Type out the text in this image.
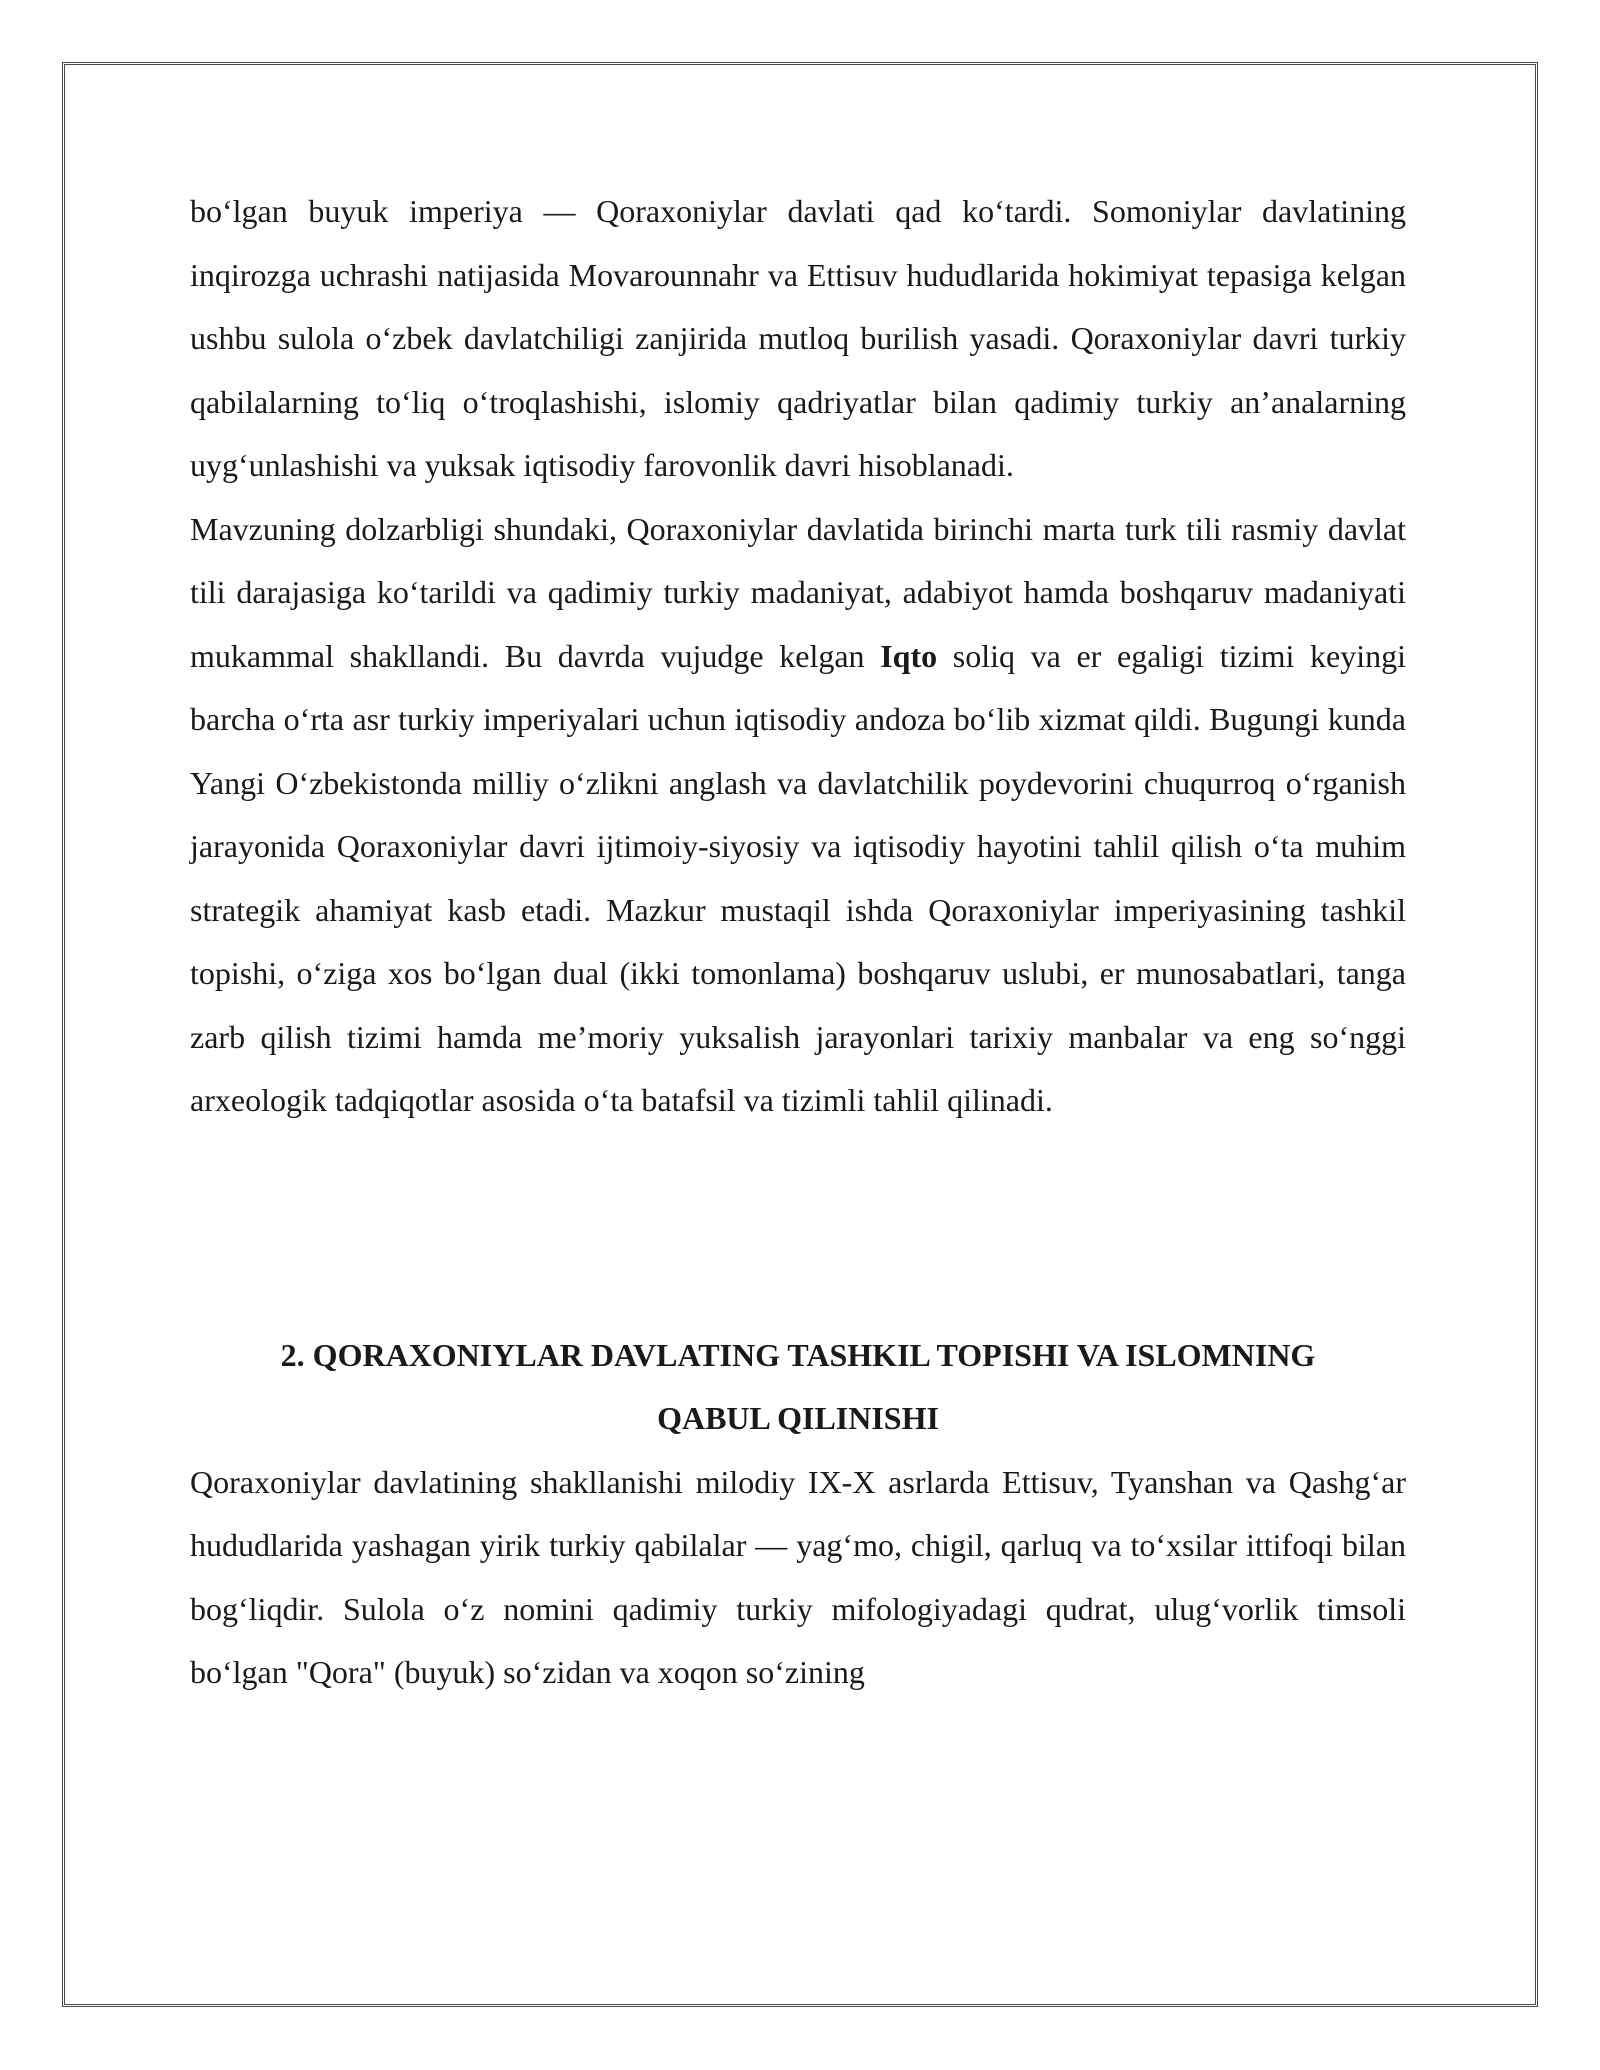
bo‘lgan buyuk imperiya — Qoraxoniylar davlati qad ko‘tardi. Somoniylar davlatining inqirozga uchrashi natijasida Movarounnahr va Ettisuv hududlarida hokimiyat tepasiga kelgan ushbu sulola o‘zbek davlatchiligi zanjirida mutloq burilish yasadi. Qoraxoniylar davri turkiy qabilalarning to‘liq o‘troqlashishi, islomiy qadriyatlar bilan qadimiy turkiy an’analarning uyg‘unlashishi va yuksak iqtisodiy farovonlik davri hisoblanadi.

Mavzuning dolzarbligi shundaki, Qoraxoniylar davlatida birinchi marta turk tili rasmiy davlat tili darajasiga ko‘tarildi va qadimiy turkiy madaniyat, adabiyot hamda boshqaruv madaniyati mukammal shakllandi. Bu davrda vujudge kelgan Iqto soliq va er egaligi tizimi keyingi barcha o‘rta asr turkiy imperiyalari uchun iqtisodiy andoza bo‘lib xizmat qildi. Bugungi kunda Yangi O‘zbekistonda milliy o‘zlikni anglash va davlatchilik poydevorini chuqurroq o‘rganish jarayonida Qoraxoniylar davri ijtimoiy-siyosiy va iqtisodiy hayotini tahlil qilish o‘ta muhim strategik ahamiyat kasb etadi. Mazkur mustaqil ishda Qoraxoniylar imperiyasining tashkil topishi, o‘ziga xos bo‘lgan dual (ikki tomonlama) boshqaruv uslubi, er munosabatlari, tanga zarb qilish tizimi hamda me’moriy yuksalish jarayonlari tarixiy manbalar va eng so‘nggi arxeologik tadqiqotlar asosida o‘ta batafsil va tizimli tahlil qilinadi.

2. QORAXONIYLAR DAVLATING TASHKIL TOPISHI VA ISLOMNING
QABUL QILINISHI

Qoraxoniylar davlatining shakllanishi milodiy IX-X asrlarda Ettisuv, Tyanshan va Qashg‘ar hududlarida yashagan yirik turkiy qabilalar — yag‘mo, chigil, qarluq va to‘xsilar ittifoqi bilan bog‘liqdir. Sulola o‘z nomini qadimiy turkiy mifologiyadagi qudrat, ulug‘vorlik timsoli bo‘lgan "Qora" (buyuk) so‘zidan va xoqon so‘zining
